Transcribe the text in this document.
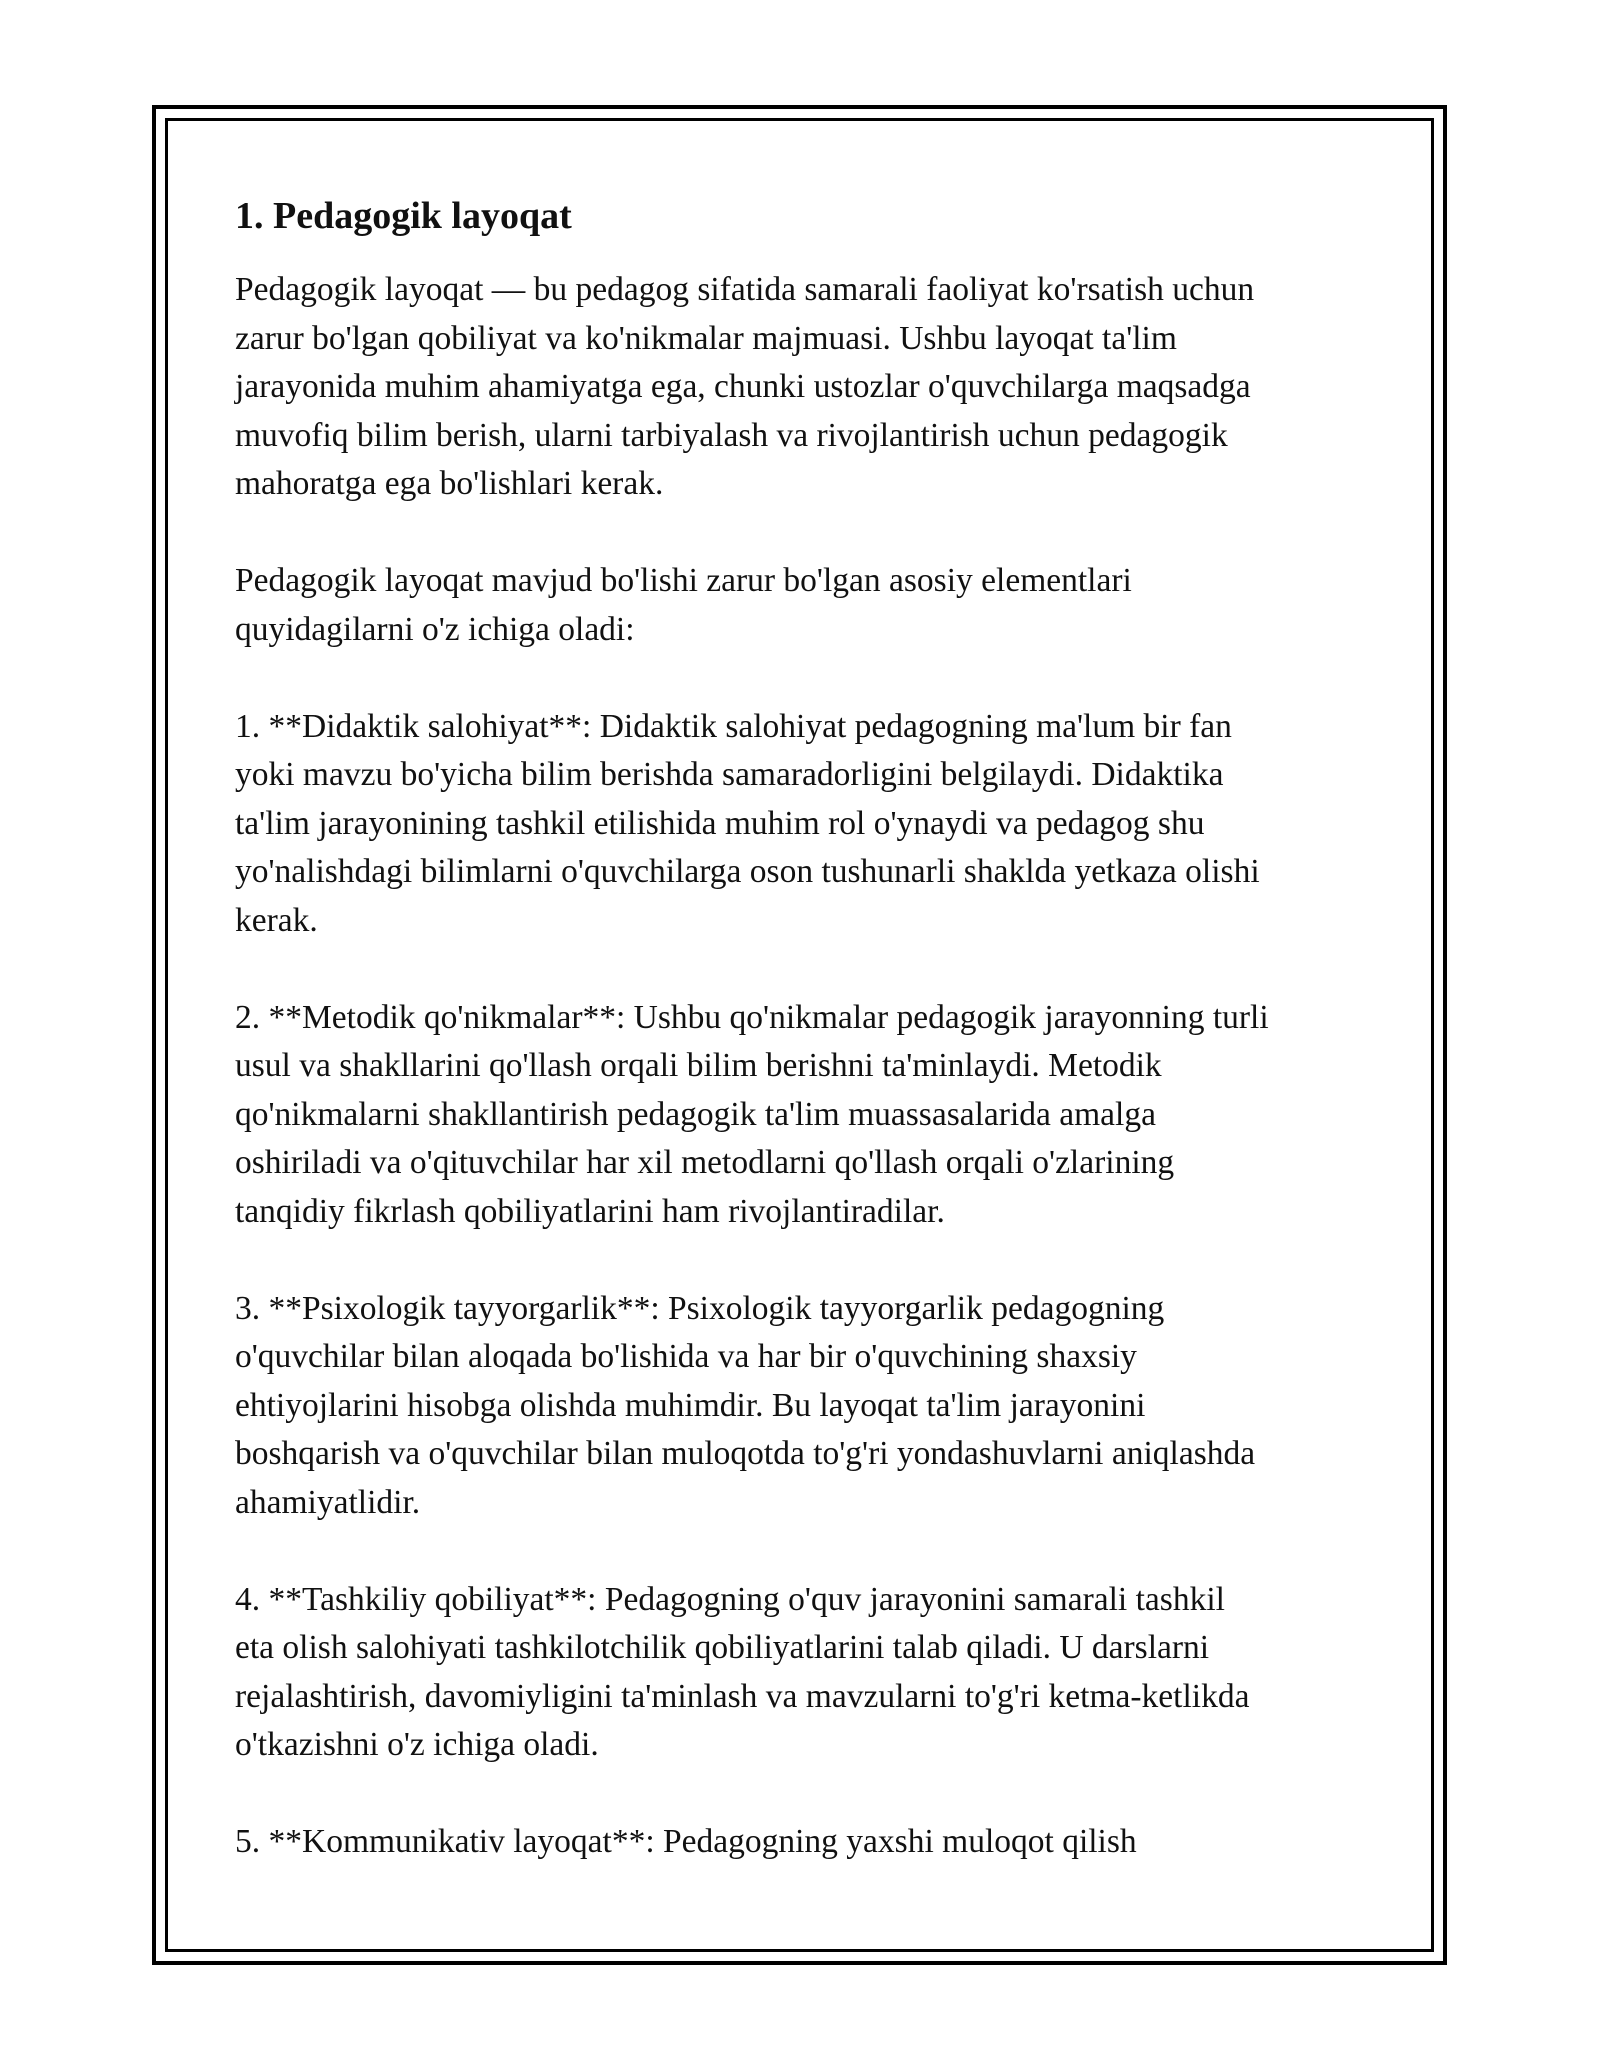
1. Pedagogik layoqat

Pedagogik layoqat — bu pedagog sifatida samarali faoliyat ko'rsatish uchun
zarur bo'lgan qobiliyat va ko'nikmalar majmuasi. Ushbu layoqat ta'lim
jarayonida muhim ahamiyatga ega, chunki ustozlar o'quvchilarga maqsadga
muvofiq bilim berish, ularni tarbiyalash va rivojlantirish uchun pedagogik
mahoratga ega bo'lishlari kerak.

Pedagogik layoqat mavjud bo'lishi zarur bo'lgan asosiy elementlari
quyidagilarni o'z ichiga oladi:

1. **Didaktik salohiyat**: Didaktik salohiyat pedagogning ma'lum bir fan
yoki mavzu bo'yicha bilim berishda samaradorligini belgilaydi. Didaktika
ta'lim jarayonining tashkil etilishida muhim rol o'ynaydi va pedagog shu
yo'nalishdagi bilimlarni o'quvchilarga oson tushunarli shaklda yetkaza olishi
kerak.

2. **Metodik qo'nikmalar**: Ushbu qo'nikmalar pedagogik jarayonning turli
usul va shakllarini qo'llash orqali bilim berishni ta'minlaydi. Metodik
qo'nikmalarni shakllantirish pedagogik ta'lim muassasalarida amalga
oshiriladi va o'qituvchilar har xil metodlarni qo'llash orqali o'zlarining
tanqidiy fikrlash qobiliyatlarini ham rivojlantiradilar.

3. **Psixologik tayyorgarlik**: Psixologik tayyorgarlik pedagogning
o'quvchilar bilan aloqada bo'lishida va har bir o'quvchining shaxsiy
ehtiyojlarini hisobga olishda muhimdir. Bu layoqat ta'lim jarayonini
boshqarish va o'quvchilar bilan muloqotda to'g'ri yondashuvlarni aniqlashda
ahamiyatlidir.

4. **Tashkiliy qobiliyat**: Pedagogning o'quv jarayonini samarali tashkil
eta olish salohiyati tashkilotchilik qobiliyatlarini talab qiladi. U darslarni
rejalashtirish, davomiyligini ta'minlash va mavzularni to'g'ri ketma-ketlikda
o'tkazishni o'z ichiga oladi.

5. **Kommunikativ layoqat**: Pedagogning yaxshi muloqot qilish
